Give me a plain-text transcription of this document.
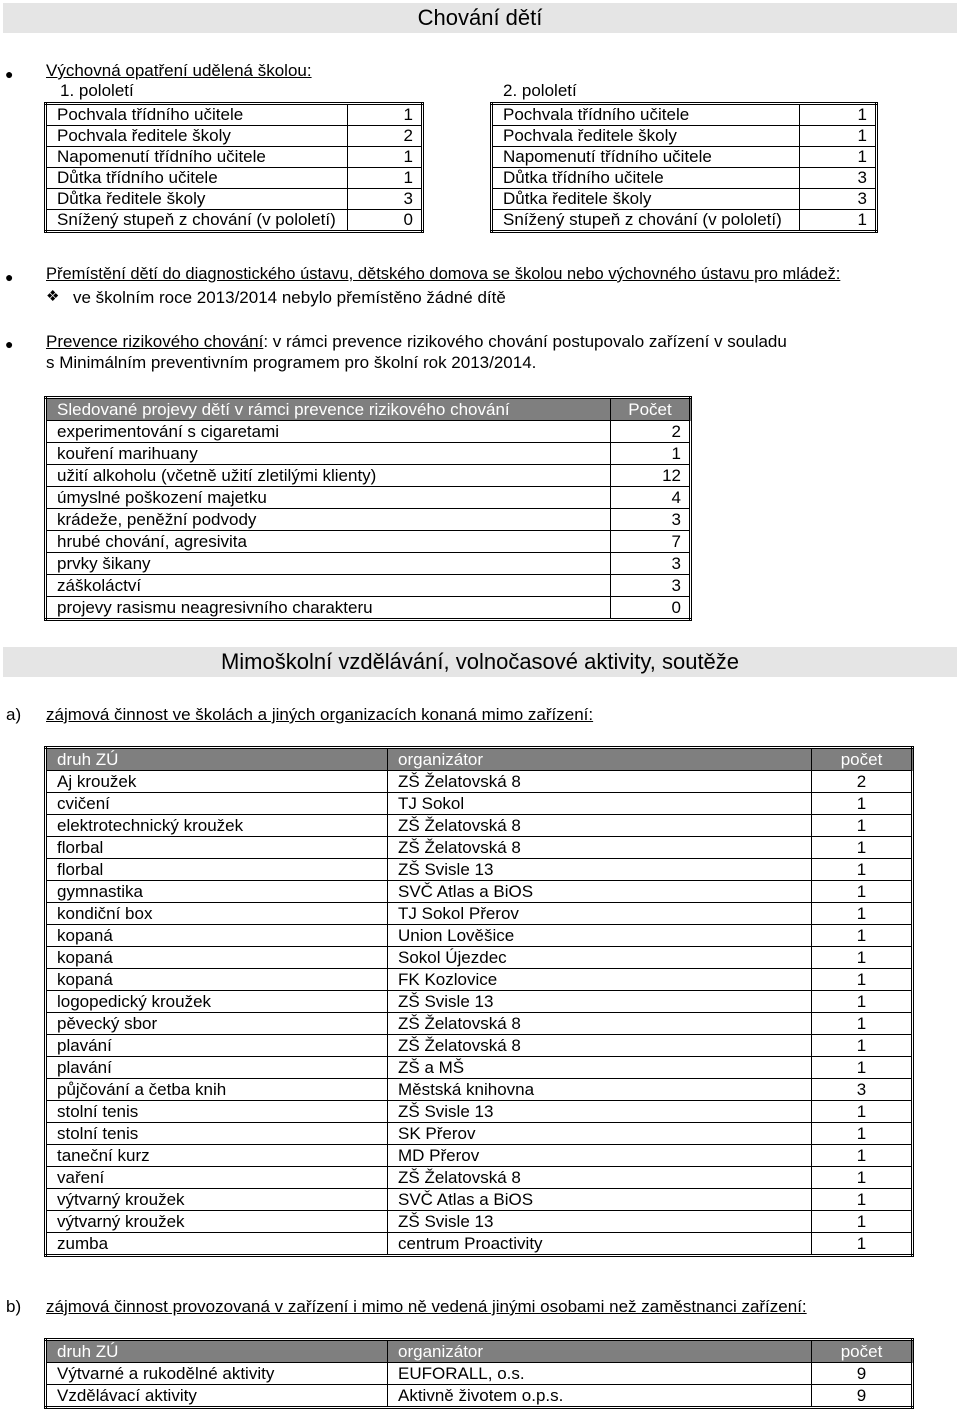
Chování dětí
● Výchovná opatření udělená školou:
1. pololetí	2. pololetí
Pochvala třídního učitele	1
Pochvala ředitele školy	2
Napomenutí třídního učitele	1
Důtka třídního učitele	1
Důtka ředitele školy	3
Snížený stupeň z chování (v pololetí)	0
Pochvala třídního učitele	1
Pochvala ředitele školy	1
Napomenutí třídního učitele	1
Důtka třídního učitele	3
Důtka ředitele školy	3
Snížený stupeň z chování (v pololetí)	1
● Přemístění dětí do diagnostického ústavu, dětského domova se školou nebo výchovného ústavu pro mládež:
❖ ve školním roce 2013/2014 nebylo přemístěno žádné dítě
● Prevence rizikového chování: v rámci prevence rizikového chování postupovalo zařízení v souladu
s Minimálním preventivním programem pro školní rok 2013/2014.
Sledované projevy dětí v rámci prevence rizikového chování	Počet
experimentování s cigaretami	2
kouření marihuany	1
užití alkoholu (včetně užití zletilými klienty)	12
úmyslné poškození majetku	4
krádeže, peněžní podvody	3
hrubé chování, agresivita	7
prvky šikany	3
záškoláctví	3
projevy rasismu neagresivního charakteru	0
Mimoškolní vzdělávání, volnočasové aktivity, soutěže
a) zájmová činnost ve školách a jiných organizacích konaná mimo zařízení:
druh ZÚ	organizátor	počet
Aj kroužek	ZŠ Želatovská 8	2
cvičení	TJ Sokol	1
elektrotechnický kroužek	ZŠ Želatovská 8	1
florbal	ZŠ Želatovská 8	1
florbal	ZŠ Svisle 13	1
gymnastika	SVČ Atlas a BiOS	1
kondiční box	TJ Sokol Přerov	1
kopaná	Union Lověšice	1
kopaná	Sokol Újezdec	1
kopaná	FK Kozlovice	1
logopedický kroužek	ZŠ Svisle 13	1
pěvecký sbor	ZŠ Želatovská 8	1
plavání	ZŠ Želatovská 8	1
plavání	ZŠ a MŠ	1
půjčování a četba knih	Městská knihovna	3
stolní tenis	ZŠ Svisle 13	1
stolní tenis	SK Přerov	1
taneční kurz	MD Přerov	1
vaření	ZŠ Želatovská 8	1
výtvarný kroužek	SVČ Atlas a BiOS	1
výtvarný kroužek	ZŠ Svisle 13	1
zumba	centrum Proactivity	1
b) zájmová činnost provozovaná v zařízení i mimo ně vedená jinými osobami než zaměstnanci zařízení:
druh ZÚ	organizátor	počet
Výtvarné a rukodělné aktivity	EUFORALL, o.s.	9
Vzdělávací aktivity	Aktivně životem o.p.s.	9
